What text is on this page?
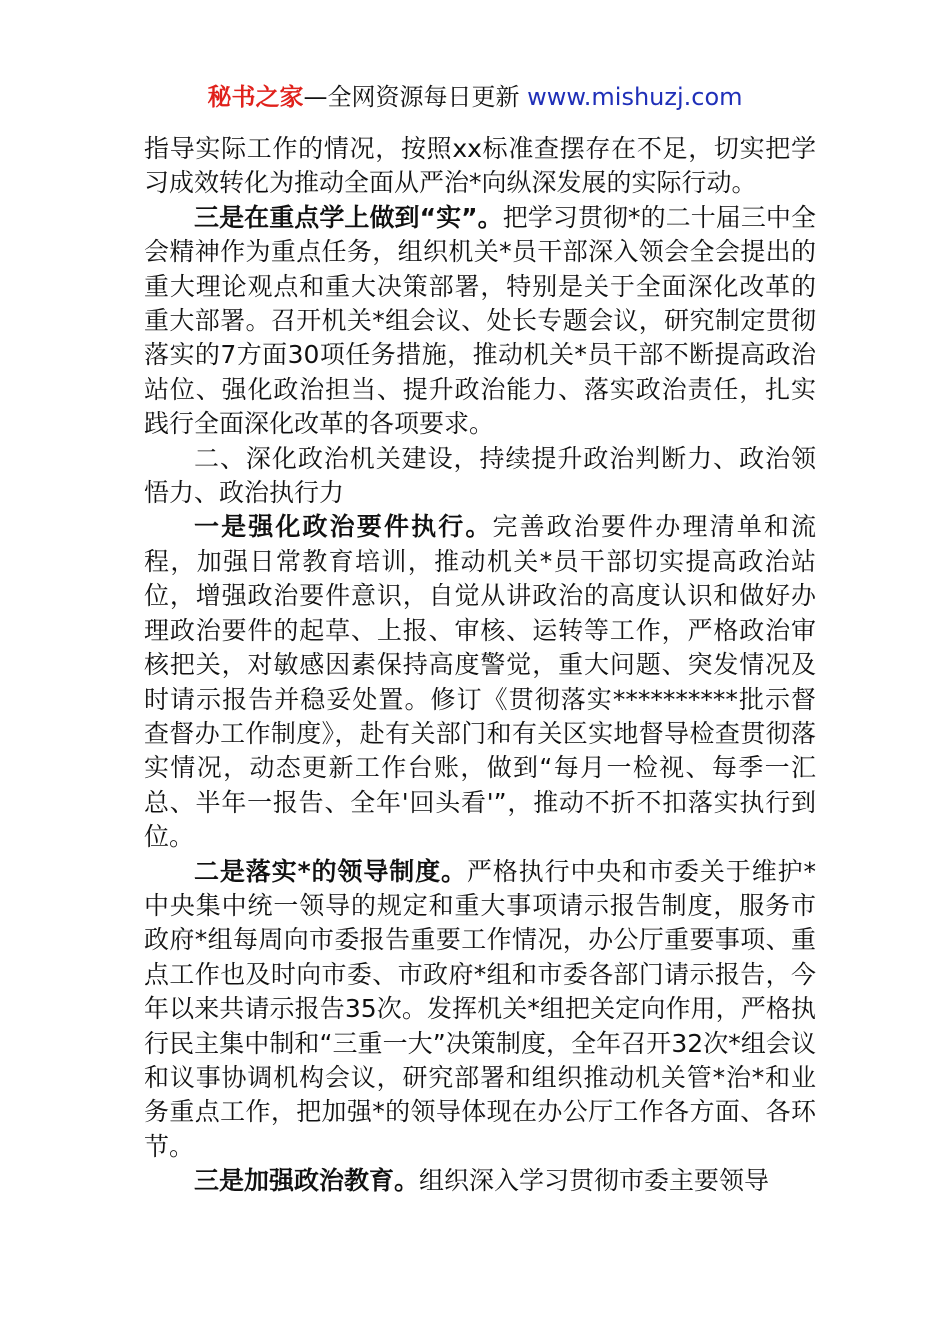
秘书之家—全网资源每日更新 www.mishuzj.com

指导实际工作的情况，按照xx标准查摆存在不足，切实把学习成效转化为推动全面从严治*向纵深发展的实际行动。

三是在重点学上做到“实”。把学习贯彻*的二十届三中全会精神作为重点任务，组织机关*员干部深入领会全会提出的重大理论观点和重大决策部署，特别是关于全面深化改革的重大部署。召开机关*组会议、处长专题会议，研究制定贯彻落实的7方面30项任务措施，推动机关*员干部不断提高政治站位、强化政治担当、提升政治能力、落实政治责任，扎实践行全面深化改革的各项要求。

二、深化政治机关建设，持续提升政治判断力、政治领悟力、政治执行力

一是强化政治要件执行。完善政治要件办理清单和流程，加强日常教育培训，推动机关*员干部切实提高政治站位，增强政治要件意识，自觉从讲政治的高度认识和做好办理政治要件的起草、上报、审核、运转等工作，严格政治审核把关，对敏感因素保持高度警觉，重大问题、突发情况及时请示报告并稳妥处置。修订《贯彻落实**********批示督查督办工作制度》，赴有关部门和有关区实地督导检查贯彻落实情况，动态更新工作台账，做到“每月一检视、每季一汇总、半年一报告、全年'回头看'”，推动不折不扣落实执行到位。

二是落实*的领导制度。严格执行中央和市委关于维护*中央集中统一领导的规定和重大事项请示报告制度，服务市政府*组每周向市委报告重要工作情况，办公厅重要事项、重点工作也及时向市委、市政府*组和市委各部门请示报告，今年以来共请示报告35次。发挥机关*组把关定向作用，严格执行民主集中制和“三重一大”决策制度，全年召开32次*组会议和议事协调机构会议，研究部署和组织推动机关管*治*和业务重点工作，把加强*的领导体现在办公厅工作各方面、各环节。

三是加强政治教育。组织深入学习贯彻市委主要领导
